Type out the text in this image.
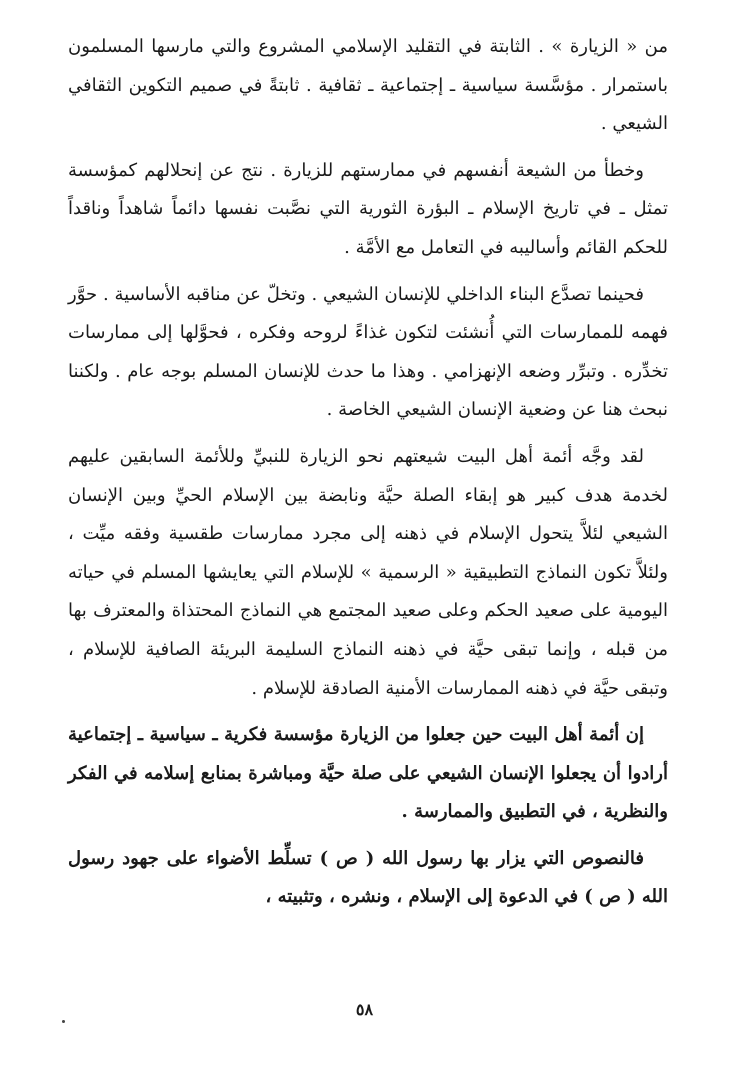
من « الزيارة » . الثابتة في التقليد الإسلامي المشروع والتي مارسها المسلمون باستمرار . مؤسَّسة سياسية ـ إجتماعية ـ ثقافية . ثابتةً في صميم التكوين الثقافي الشيعي .

وخطأ من الشيعة أنفسهم في ممارستهم للزيارة . نتج عن إنحلالهم كمؤسسة تمثل ـ في تاريخ الإسلام ـ البؤرة الثورية التي نصَّبت نفسها دائماً شاهداً وناقداً للحكم القائم وأساليبه في التعامل مع الأمَّة .

فحينما تصدَّع البناء الداخلي للإنسان الشيعي . وتخلّ عن مناقبه الأساسية . حوَّر فهمه للممارسات التي أُنشئت لتكون غذاءً لروحه وفكره ، فحوَّلها إلى ممارسات تخدِّره . وتبرِّر وضعه الإنهزامي . وهذا ما حدث للإنسان المسلم بوجه عام . ولكننا نبحث هنا عن وضعية الإنسان الشيعي الخاصة .

لقد وجَّه أئمة أهل البيت شيعتهم نحو الزيارة للنبيِّ وللأئمة السابقين عليهم لخدمة هدف كبير هو إبقاء الصلة حيَّة ونابضة بين الإسلام الحيِّ وبين الإنسان الشيعي لئلاَّ يتحول الإسلام في ذهنه إلى مجرد ممارسات طقسية وفقه ميِّت ، ولئلاَّ تكون النماذج التطبيقية « الرسمية » للإسلام التي يعايشها المسلم في حياته اليومية على صعيد الحكم وعلى صعيد المجتمع هي النماذج المحتذاة والمعترف بها من قبله ، وإنما تبقى حيَّة في ذهنه النماذج السليمة البريئة الصافية للإسلام ، وتبقى حيَّة في ذهنه الممارسات الأمنية الصادقة للإسلام .

إن أئمة أهل البيت حين جعلوا من الزيارة مؤسسة فكرية ـ سياسية ـ إجتماعية أرادوا أن يجعلوا الإنسان الشيعي على صلة حيَّة ومباشرة بمنابع إسلامه في الفكر والنظرية ، في التطبيق والممارسة .

فالنصوص التي يزار بها رسول الله ( ص ) تسلِّط الأضواء على جهود رسول الله ( ص ) في الدعوة إلى الإسلام ، ونشره ، وتثبيته ،

٥٨
